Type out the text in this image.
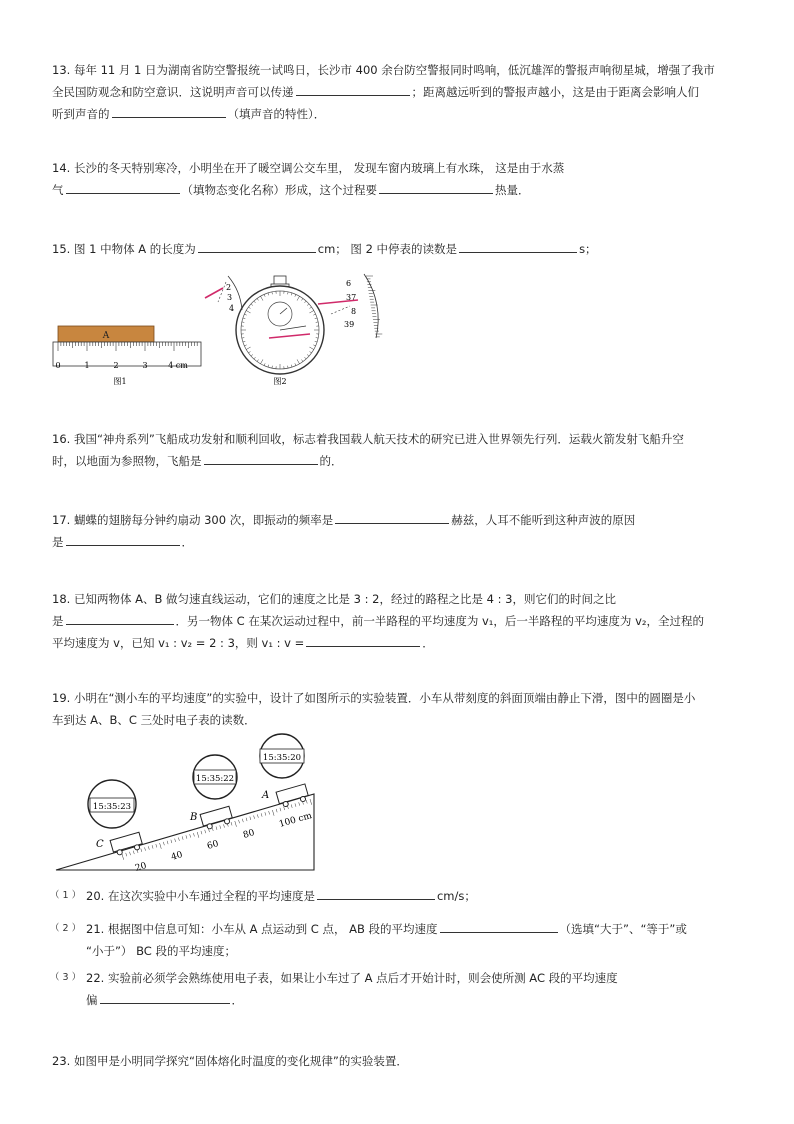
13. 每年 11 月 1 日为湖南省防空警报统一试鸣日，长沙市 400 余台防空警报同时鸣响，低沉雄浑的警报声响彻星城，增强了我市
全民国防观念和防空意识．这说明声音可以传递	；距离越远听到的警报声越小，这是由于距离会影响人们
听到声音的	（填声音的特性）．
14. 长沙的冬天特别寒冷，小明坐在开了暖空调公交车里， 发现车窗内玻璃上有水珠， 这是由于水蒸
气	（填物态变化名称）形成，这个过程要	热量．
15. 图 1 中物体 A 的长度为	cm； 图 2 中停表的读数是	s；
A
0	1	2	3	4 cm
图1
2
3
4
6
37
8
39
图2
16. 我国“神舟系列”飞船成功发射和顺利回收，标志着我国载人航天技术的研究已进入世界领先行列．运载火箭发射飞船升空
时，以地面为参照物，飞船是	的．
17. 蝴蝶的翅膀每分钟约扇动 300 次，即振动的频率是	赫兹，人耳不能听到这种声波的原因
是	．
18. 已知两物体 A、B 做匀速直线运动，它们的速度之比是 3 : 2，经过的路程之比是 4 : 3，则它们的时间之比
是	．另一物体 C 在某次运动过程中，前一半路程的平均速度为 v₁，后一半路程的平均速度为 v₂，全过程的
平均速度为 v，已知 v₁ : v₂ = 2 : 3，则 v₁ : v =	．
19. 小明在“测小车的平均速度”的实验中，设计了如图所示的实验装置．小车从带刻度的斜面顶端由静止下滑，图中的圆圈是小
车到达 A、B、C 三处时电子表的读数．
15:35:23
15:35:22
15:35:20
20
40
60
80
100 cm
C
B
A
（ 1 ） 20. 在这次实验中小车通过全程的平均速度是	cm/s；
（ 2 ） 21. 根据图中信息可知：小车从 A 点运动到 C 点， AB 段的平均速度	（选填“大于”、“等于”或
“小于”） BC 段的平均速度；
（ 3 ） 22. 实验前必须学会熟练使用电子表，如果让小车过了 A 点后才开始计时，则会使所测 AC 段的平均速度
偏	．
23. 如图甲是小明同学探究“固体熔化时温度的变化规律”的实验装置．
